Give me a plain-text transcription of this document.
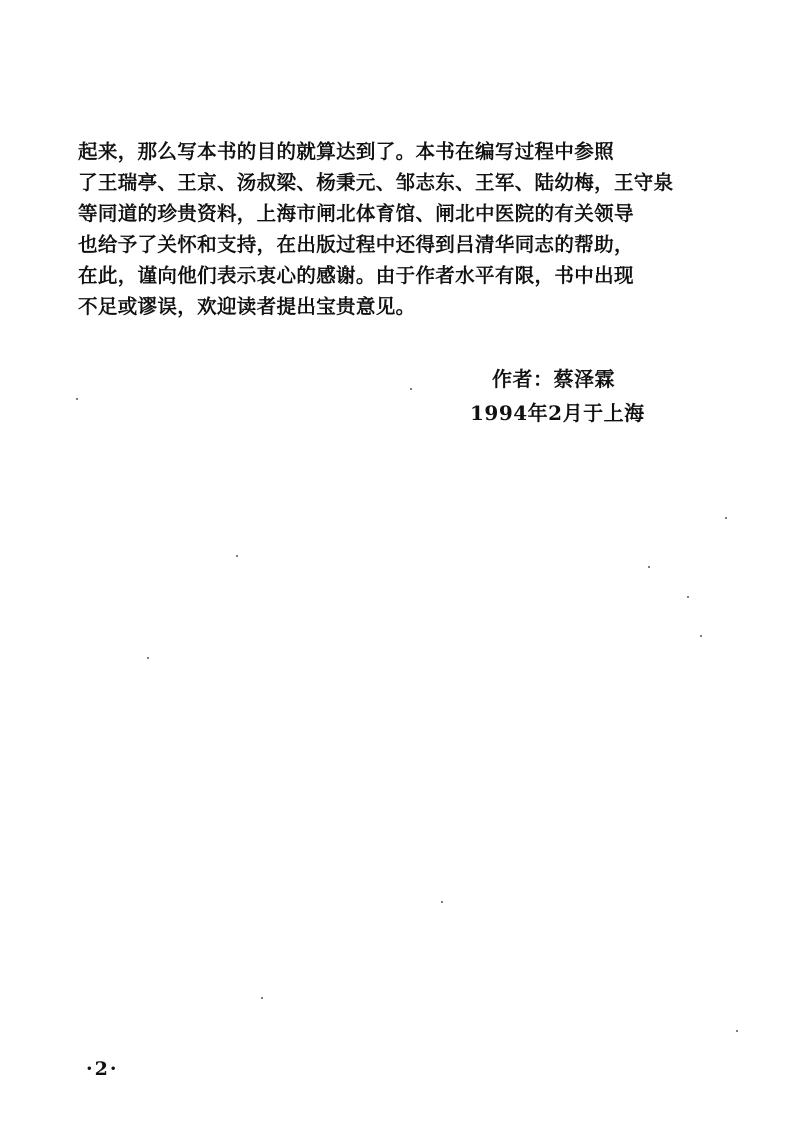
起来，那么写本书的目的就算达到了。本书在编写过程中参照
了王瑞亭、王京、汤叔梁、杨秉元、邹志东、王军、陆幼梅，王守泉
等同道的珍贵资料，上海市闸北体育馆、闸北中医院的有关领导
也给予了关怀和支持，在出版过程中还得到吕清华同志的帮助，
在此，谨向他们表示衷心的感谢。由于作者水平有限，书中出现
不足或谬误，欢迎读者提出宝贵意见。
作者：蔡泽霖
1994年2月于上海
·2·
